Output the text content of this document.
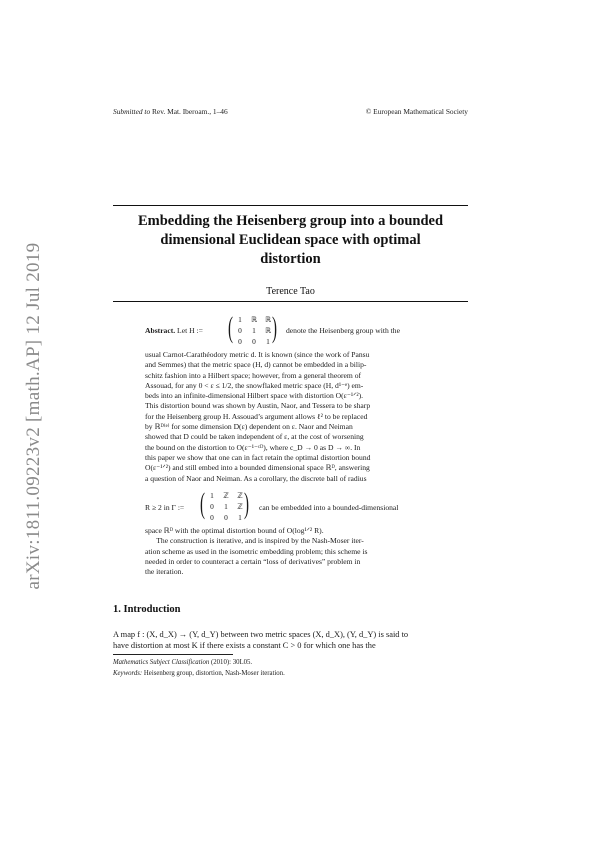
arXiv:1811.09223v2 [math.AP] 12 Jul 2019
Submitted to Rev. Mat. Iberoam., 1–46	© European Mathematical Society
Embedding the Heisenberg group into a bounded
dimensional Euclidean space with optimal
distortion
Terence Tao
Abstract. Let H := ( )
1	ℝ	ℝ
0	1	ℝ
0	0	1
denote the Heisenberg group with the
usual Carnot-Carathéodory metric d. It is known (since the work of Pansu
and Semmes) that the metric space (H, d) cannot be embedded in a bilip-
schitz fashion into a Hilbert space; however, from a general theorem of
Assouad, for any 0 < ε ≤ 1/2, the snowflaked metric space (H, d¹⁻ᵉ) em-
beds into an infinite-dimensional Hilbert space with distortion O(ε⁻¹ᐟ²).
This distortion bound was shown by Austin, Naor, and Tessera to be sharp
for the Heisenberg group H. Assouad’s argument allows ℓ² to be replaced
by ℝᴰ⁽ᵉ⁾ for some dimension D(ε) dependent on ε. Naor and Neiman
showed that D could be taken independent of ε, at the cost of worsening
the bound on the distortion to O(ε⁻¹⁻ᶜᴰ), where c_D → 0 as D → ∞. In
this paper we show that one can in fact retain the optimal distortion bound
O(ε⁻¹ᐟ²) and still embed into a bounded dimensional space ℝᴰ, answering
a question of Naor and Neiman. As a corollary, the discrete ball of radius
R ≥ 2 in Γ := ( )
1	ℤ	ℤ
0	1	ℤ
0	0	1
can be embedded into a bounded-dimensional
space ℝᴰ with the optimal distortion bound of O(log¹ᐟ² R).
The construction is iterative, and is inspired by the Nash-Moser iter-
ation scheme as used in the isometric embedding problem; this scheme is
needed in order to counteract a certain “loss of derivatives” problem in
the iteration.
1. Introduction
A map f : (X, d_X) → (Y, d_Y) between two metric spaces (X, d_X), (Y, d_Y) is said to
have distortion at most K if there exists a constant C > 0 for which one has the
Mathematics Subject Classification (2010): 30L05.
Keywords: Heisenberg group, distortion, Nash-Moser iteration.
